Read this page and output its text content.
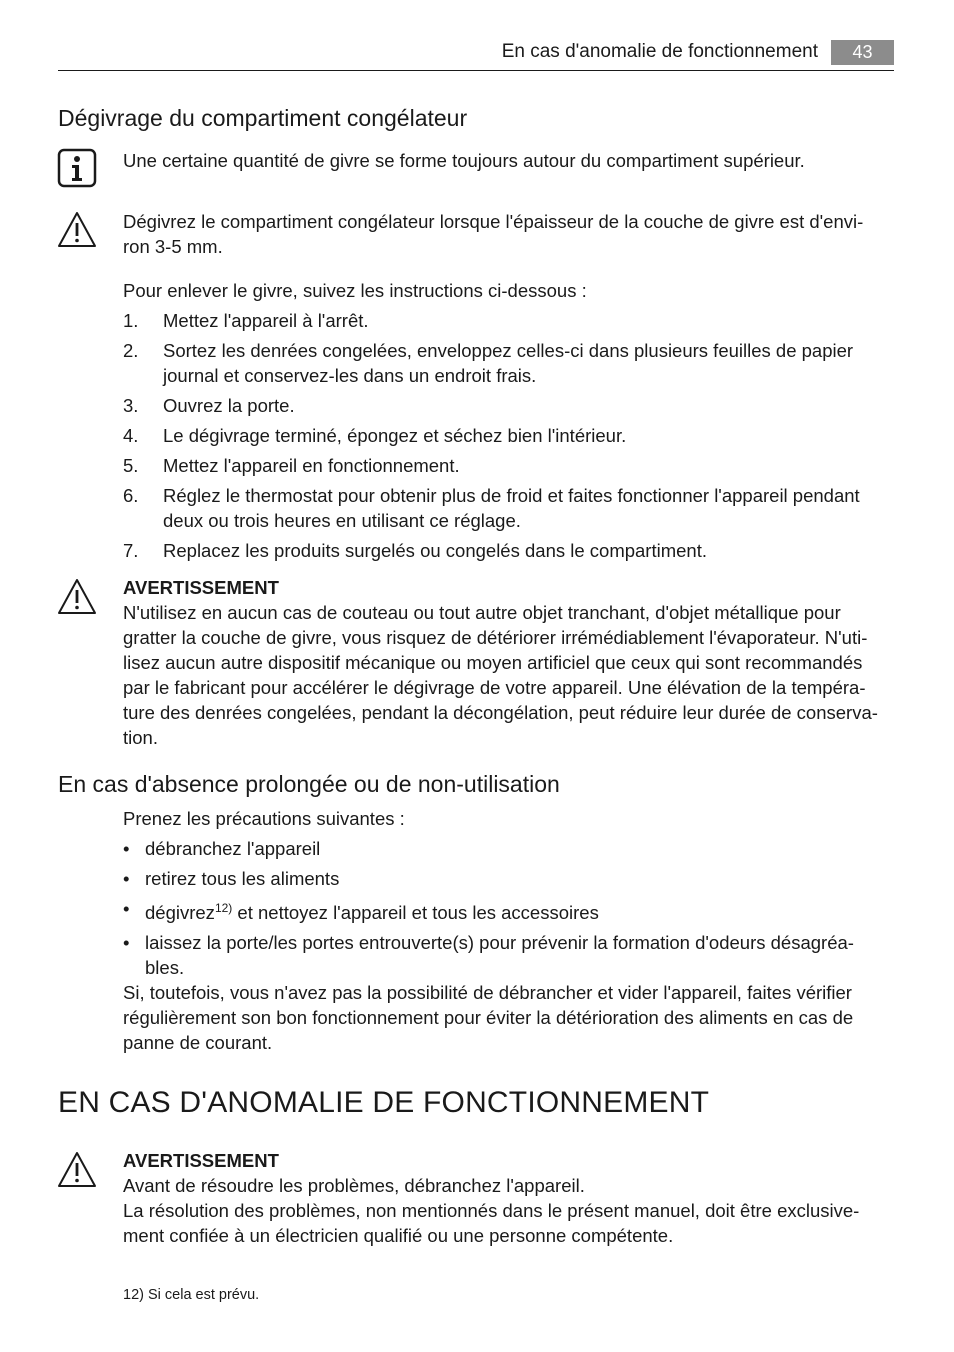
En cas d'anomalie de fonctionnement	43
Dégivrage du compartiment congélateur
Une certaine quantité de givre se forme toujours autour du compartiment supérieur.
Dégivrez le compartiment congélateur lorsque l'épaisseur de la couche de givre est d'envi-
ron 3-5 mm.
Pour enlever le givre, suivez les instructions ci-dessous :
1. Mettez l'appareil à l'arrêt.
2. Sortez les denrées congelées, enveloppez celles-ci dans plusieurs feuilles de papier
journal et conservez-les dans un endroit frais.
3. Ouvrez la porte.
4. Le dégivrage terminé, épongez et séchez bien l'intérieur.
5. Mettez l'appareil en fonctionnement.
6. Réglez le thermostat pour obtenir plus de froid et faites fonctionner l'appareil pendant
deux ou trois heures en utilisant ce réglage.
7. Replacez les produits surgelés ou congelés dans le compartiment.
AVERTISSEMENT
N'utilisez en aucun cas de couteau ou tout autre objet tranchant, d'objet métallique pour
gratter la couche de givre, vous risquez de détériorer irrémédiablement l'évaporateur. N'uti-
lisez aucun autre dispositif mécanique ou moyen artificiel que ceux qui sont recommandés
par le fabricant pour accélérer le dégivrage de votre appareil. Une élévation de la tempéra-
ture des denrées congelées, pendant la décongélation, peut réduire leur durée de conserva-
tion.
En cas d'absence prolongée ou de non-utilisation
Prenez les précautions suivantes :
• débranchez l'appareil
• retirez tous les aliments
• dégivrez$^{12)}$ et nettoyez l'appareil et tous les accessoires
• laissez la porte/les portes entrouverte(s) pour prévenir la formation d'odeurs désagréa-
bles.
Si, toutefois, vous n'avez pas la possibilité de débrancher et vider l'appareil, faites vérifier
régulièrement son bon fonctionnement pour éviter la détérioration des aliments en cas de
panne de courant.
EN CAS D'ANOMALIE DE FONCTIONNEMENT
AVERTISSEMENT
Avant de résoudre les problèmes, débranchez l'appareil.
La résolution des problèmes, non mentionnés dans le présent manuel, doit être exclusive-
ment confiée à un électricien qualifié ou une personne compétente.
12) Si cela est prévu.
